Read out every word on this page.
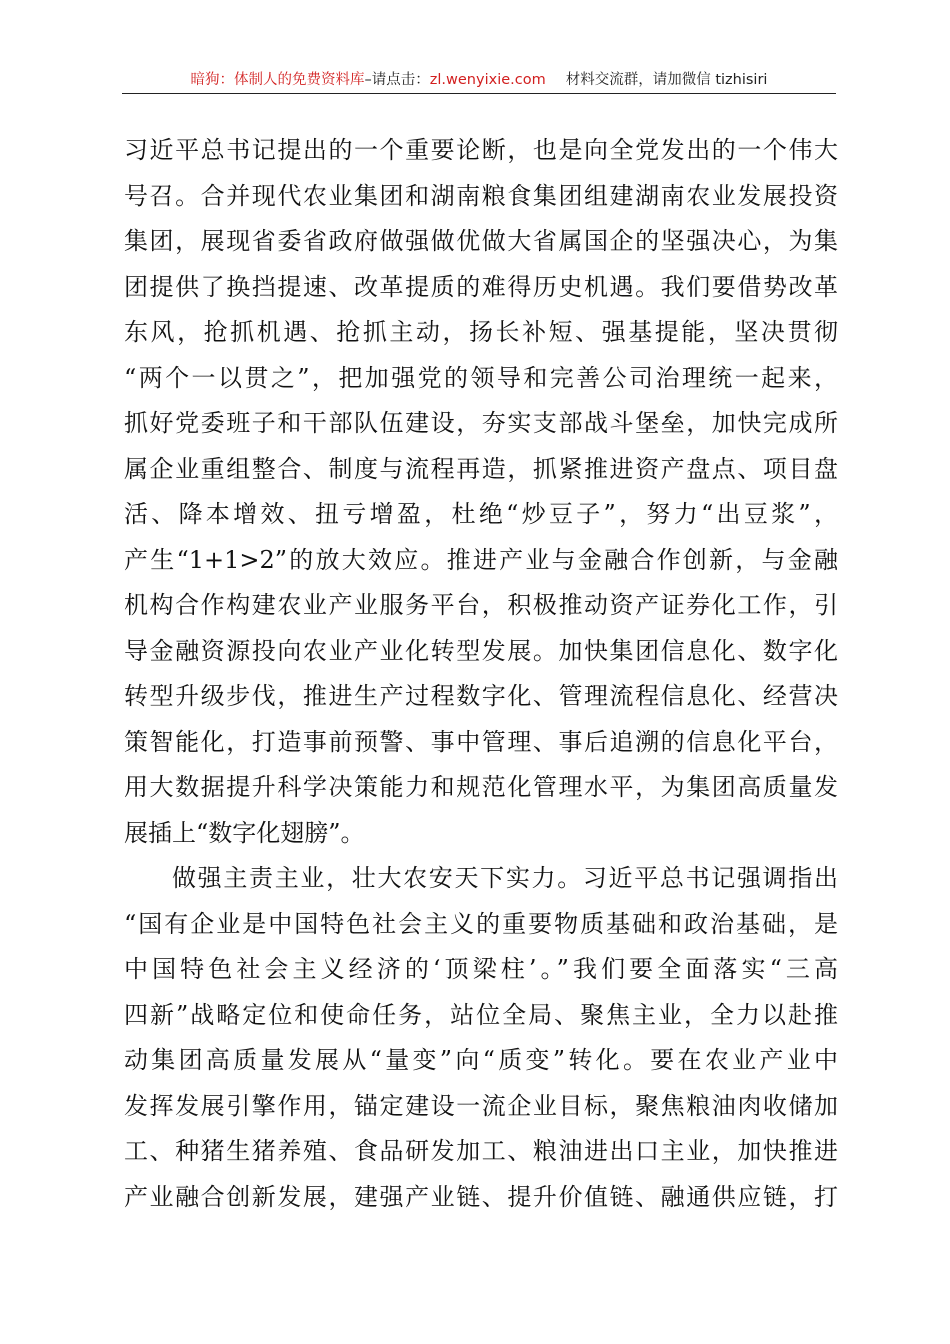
暗狗：体制人的免费资料库–请点击：zl.wenyixie.com 材料交流群，请加微信 tizhisiri
习近平总书记提出的一个重要论断，也是向全党发出的一个伟大
号召。合并现代农业集团和湖南粮食集团组建湖南农业发展投资
集团，展现省委省政府做强做优做大省属国企的坚强决心，为集
团提供了换挡提速、改革提质的难得历史机遇。我们要借势改革
东风，抢抓机遇、抢抓主动，扬长补短、强基提能，坚决贯彻
“两个一以贯之”，把加强党的领导和完善公司治理统一起来，
抓好党委班子和干部队伍建设，夯实支部战斗堡垒，加快完成所
属企业重组整合、制度与流程再造，抓紧推进资产盘点、项目盘
活、降本增效、扭亏增盈，杜绝“炒豆子”，努力“出豆浆”，
产生“1+1>2”的放大效应。推进产业与金融合作创新，与金融
机构合作构建农业产业服务平台，积极推动资产证券化工作，引
导金融资源投向农业产业化转型发展。加快集团信息化、数字化
转型升级步伐，推进生产过程数字化、管理流程信息化、经营决
策智能化，打造事前预警、事中管理、事后追溯的信息化平台，
用大数据提升科学决策能力和规范化管理水平，为集团高质量发
展插上“数字化翅膀”。
做强主责主业，壮大农安天下实力。习近平总书记强调指出
“国有企业是中国特色社会主义的重要物质基础和政治基础，是
中国特色社会主义经济的‘顶梁柱’。”我们要全面落实“三高
四新”战略定位和使命任务，站位全局、聚焦主业，全力以赴推
动集团高质量发展从“量变”向“质变”转化。要在农业产业中
发挥发展引擎作用，锚定建设一流企业目标，聚焦粮油肉收储加
工、种猪生猪养殖、食品研发加工、粮油进出口主业，加快推进
产业融合创新发展，建强产业链、提升价值链、融通供应链，打
